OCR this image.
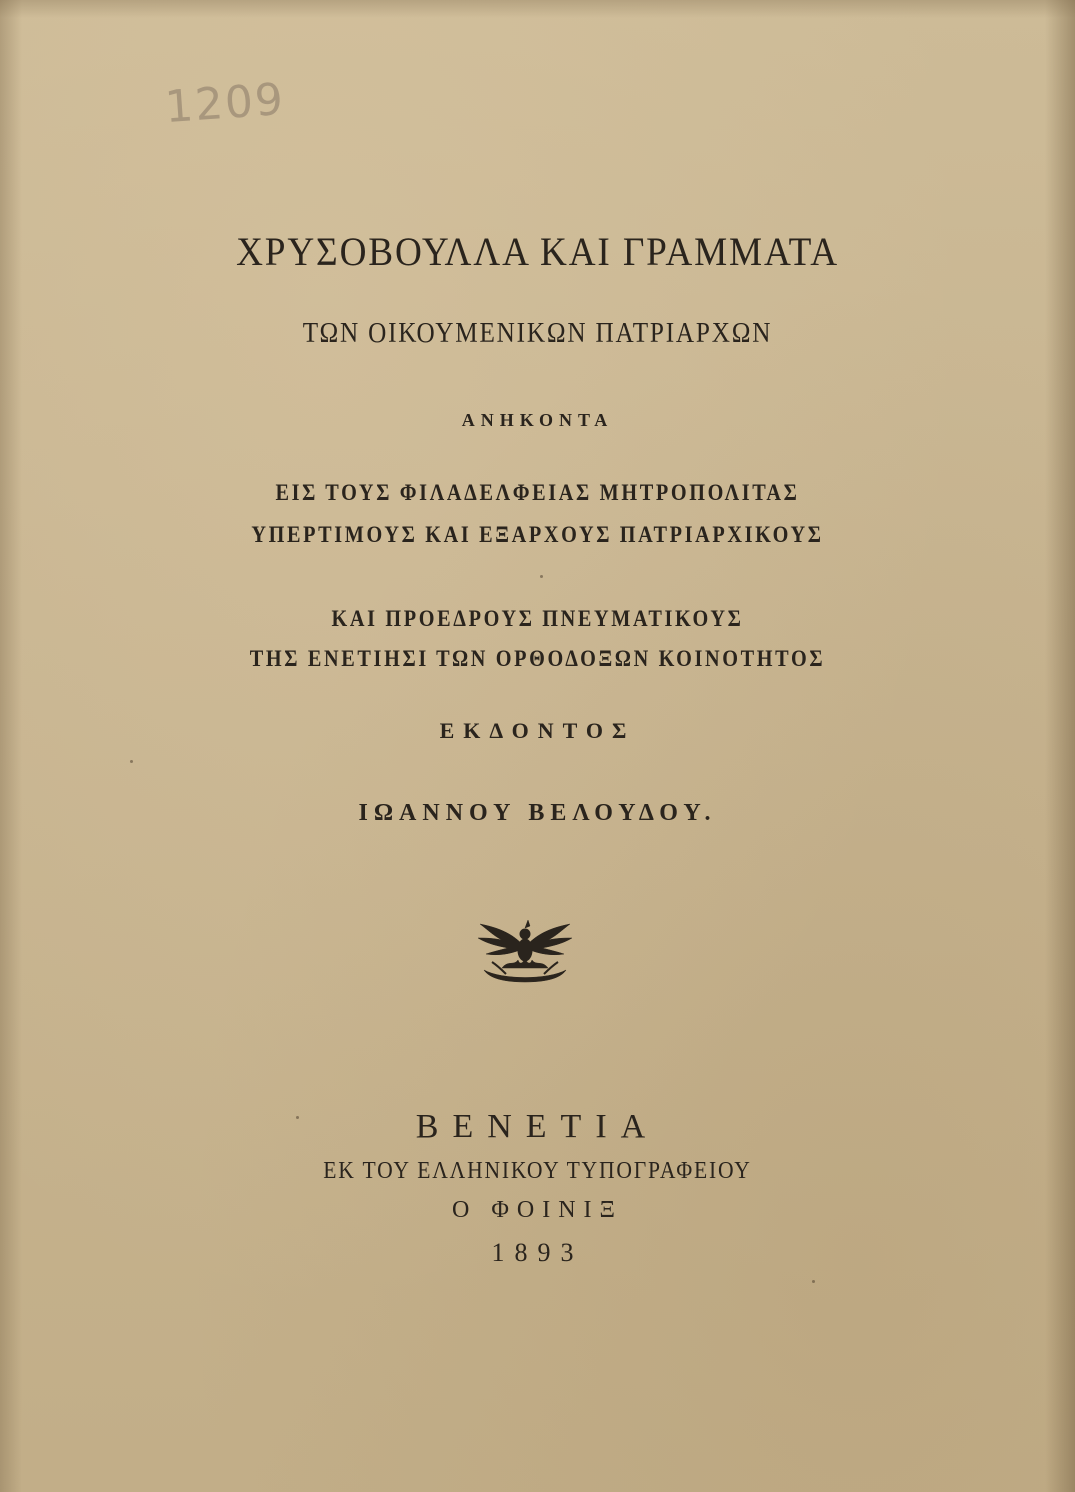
1209
ΧΡΥΣΟΒΟΥΛΛΑ ΚΑΙ ΓΡΑΜΜΑΤΑ
ΤΩΝ ΟΙΚΟΥΜΕΝΙΚΩΝ ΠΑΤΡΙΑΡΧΩΝ
ΑΝΗΚΟΝΤΑ
ΕΙΣ ΤΟΥΣ ΦΙΛΑΔΕΛΦΕΙΑΣ ΜΗΤΡΟΠΟΛΙΤΑΣ
ΥΠΕΡΤΙΜΟΥΣ ΚΑΙ ΕΞΑΡΧΟΥΣ ΠΑΤΡΙΑΡΧΙΚΟΥΣ
ΚΑΙ ΠΡΟΕΔΡΟΥΣ ΠΝΕΥΜΑΤΙΚΟΥΣ
ΤΗΣ ΕΝΕΤΙΗΣΙ ΤΩΝ ΟΡΘΟΔΟΞΩΝ ΚΟΙΝΟΤΗΤΟΣ
ΕΚΔΟΝΤΟΣ
ΙΩΑΝΝΟΥ ΒΕΛΟΥΔΟΥ.
ΒΕΝΕΤΙΑ
ΕΚ ΤΟΥ ΕΛΛΗΝΙΚΟΥ ΤΥΠΟΓΡΑΦΕΙΟΥ
Ο ΦΟΙΝΙΞ
1893
